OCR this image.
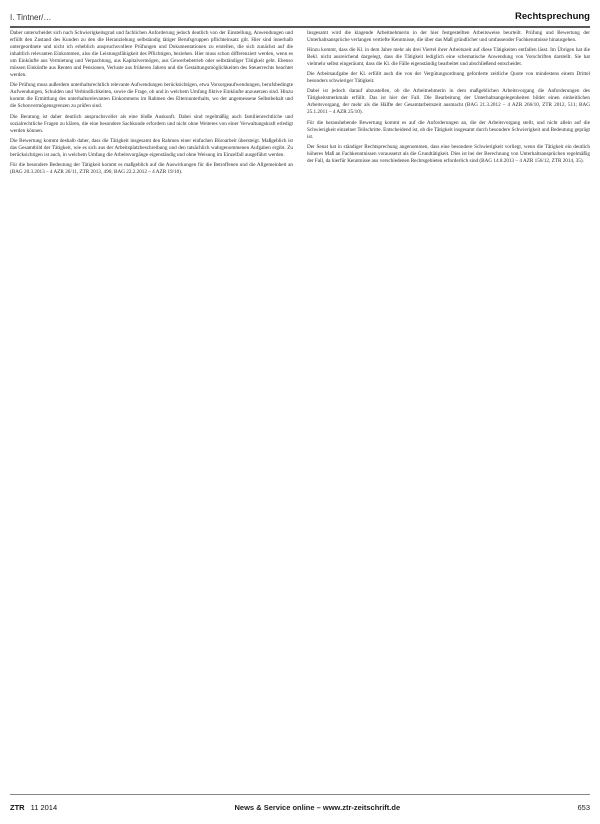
I. Tintner/…	Rechtsprechung

Daher unterscheidet sich nach Schwierigkeitsgrad und fachlichen Anforderung jedoch deutlich von der Einstellung, Anwendungen und erfüllt den Zustand des Kunden zu den die Heranziehung selbständig tätiger Berufsgruppen pflichteinsatz gilt. Hier sind innerhalb untergeordnete und nicht ich erheblich anspruchsvollere Prüfungen und Dokumentationen zu erstellen, die sich zunächst auf die inhaltlich relevanten Einkommen, also die Leistungsfähigkeit des Pflichtigen, beziehen. Hier muss schon differenziert werden, wenn es um Einkünfte aus Vermietung und Verpachtung, aus Kapitalvermögen, aus Gewerbebetrieb oder selbständiger Tätigkeit geht. Ebenso müssen Einkünfte aus Renten und Pensionen, Verluste aus früheren Jahren und die Gestaltungsmöglichkeiten des Steuerrechts beachtet werden.

Die Prüfung muss außerdem unterhaltsrechtlich relevante Aufwendungen berücksichtigen, etwa Vorsorgeaufwendungen, berufsbedingte Aufwendungen, Schulden und Verbindlichkeiten, sowie die Frage, ob und in welchem Umfang fiktive Einkünfte anzusetzen sind. Hinzu kommt die Ermittlung des unterhaltsrelevanten Einkommens im Rahmen des Elternunterhalts, wo der angemessene Selbstbehalt und die Schonvermögensgrenzen zu prüfen sind.

Die Beratung ist daher deutlich anspruchsvoller als eine bloße Auskunft. Dabei sind regelmäßig auch familienrechtliche und sozialrechtliche Fragen zu klären, die eine besondere Sachkunde erfordern und nicht ohne Weiteres von einer Verwaltungskraft erledigt werden können.

Die Bewertung kommt deshalb daher, dass die Tätigkeit insgesamt den Rahmen einer einfachen Büroarbeit übersteigt. Maßgeblich ist das Gesamtbild der Tätigkeit, wie es sich aus der Arbeitsplatzbeschreibung und den tatsächlich wahrgenommenen Aufgaben ergibt. Zu berücksichtigen ist auch, in welchem Umfang die Arbeitsvorgänge eigenständig und ohne Weisung im Einzelfall ausgeführt werden.

Für die besondere Bedeutung der Tätigkeit kommt es maßgeblich auf die Auswirkungen für die Betroffenen und die Allgemeinheit an (BAG 20.3.2013 – 4 AZR 26/11, ZTR 2013, 496; BAG 22.2.2012 – 4 AZR 19/10).

Insgesamt wird die klagende Arbeitnehmerin in der hier festgestellten Arbeitsweise beurteilt. Prüfung und Bewertung der Unterhaltsansprüche verlangen vertiefte Kenntnisse, die über das Maß gründlicher und umfassender Fachkenntnisse hinausgehen.

Hinzu kommt, dass die Kl. in dem Jahre mehr als drei Viertel ihrer Arbeitszeit auf diese Tätigkeiten entfallen lässt. Im Übrigen hat die Bekl. nicht ausreichend dargelegt, dass die Tätigkeit lediglich eine schematische Anwendung von Vorschriften darstellt. Sie hat vielmehr selbst eingeräumt, dass die Kl. die Fälle eigenständig bearbeitet und abschließend entscheidet.

Die Arbeitsaufgabe der Kl. erfüllt auch die von der Vergütungsordnung geforderte zeitliche Quote von mindestens einem Drittel besonders schwieriger Tätigkeit.

Dabei ist jedoch darauf abzustellen, ob die Arbeitnehmerin in dem maßgeblichen Arbeitsvorgang die Anforderungen des Tätigkeitsmerkmals erfüllt. Das ist hier der Fall. Die Bearbeitung der Unterhaltsangelegenheiten bildet einen einheitlichen Arbeitsvorgang, der mehr als die Hälfte der Gesamtarbeitszeit ausmacht (BAG 21.3.2012 – 4 AZR 266/10, ZTR 2012, 511; BAG 25.1.2011 – 4 AZR 25/10).

Für die heraushebende Bewertung kommt es auf die Anforderungen an, die der Arbeitsvorgang stellt, und nicht allein auf die Schwierigkeit einzelner Teilschritte. Entscheidend ist, ob die Tätigkeit insgesamt durch besondere Schwierigkeit und Bedeutung geprägt ist.

Der Senat hat in ständiger Rechtsprechung angenommen, dass eine besondere Schwierigkeit vorliegt, wenn die Tätigkeit ein deutlich höheres Maß an Fachkenntnissen voraussetzt als die Grundtätigkeit. Dies ist bei der Berechnung von Unterhaltsansprüchen regelmäßig der Fall, da hierfür Kenntnisse aus verschiedenen Rechtsgebieten erforderlich sind (BAG 14.8.2013 – 4 AZR 156/12, ZTR 2014, 35).

ZTR 11 2014	News & Service online – www.ztr-zeitschrift.de	653
